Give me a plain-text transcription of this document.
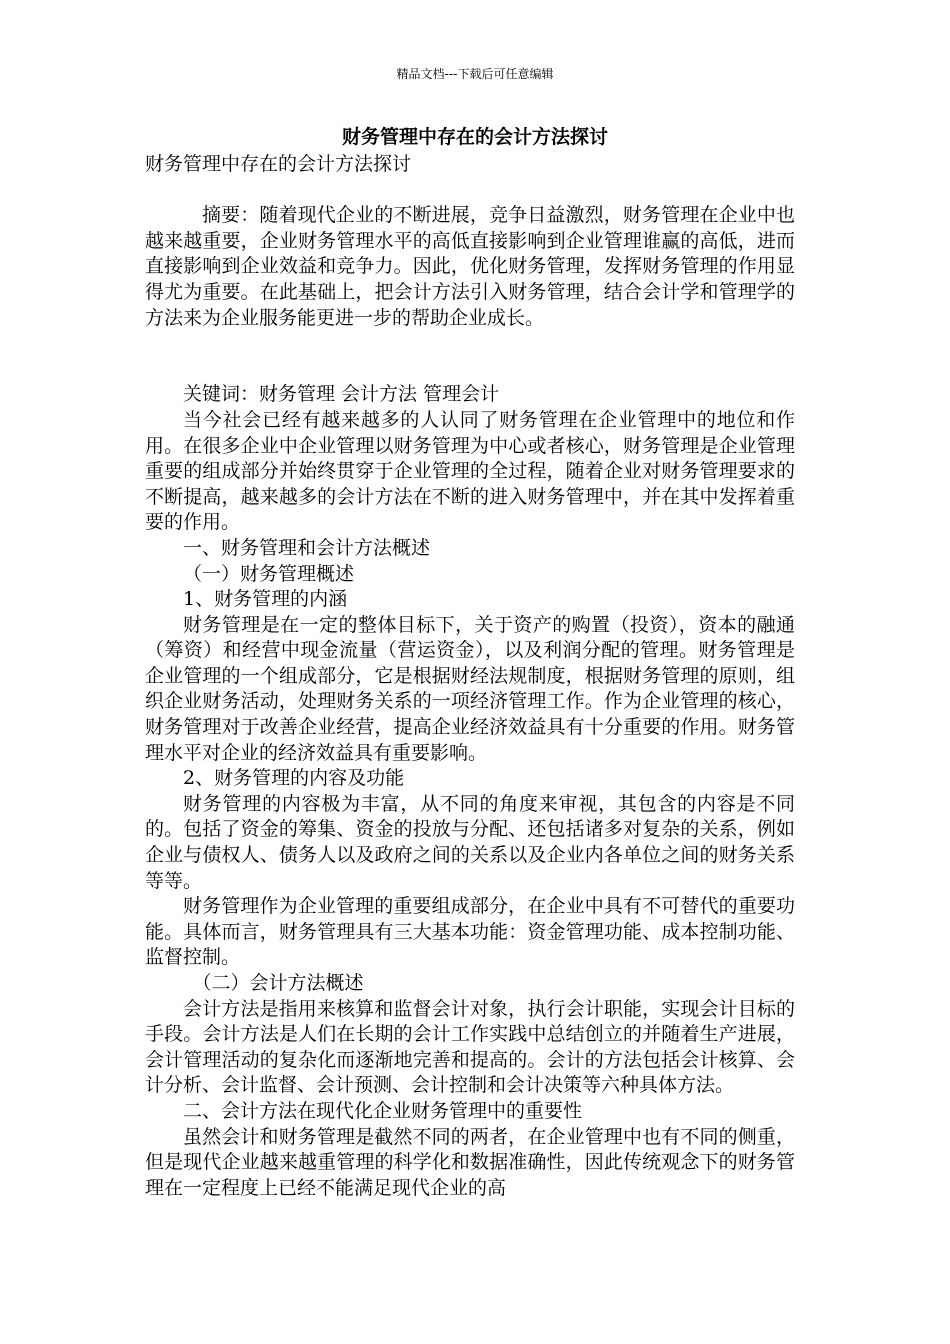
精品文档---下载后可任意编辑
财务管理中存在的会计方法探讨

财务管理中存在的会计方法探讨

摘要：随着现代企业的不断进展，竞争日益激烈，财务管理在企业中也越来越重要，企业财务管理水平的高低直接影响到企业管理谁赢的高低，进而直接影响到企业效益和竞争力。因此，优化财务管理，发挥财务管理的作用显得尤为重要。在此基础上，把会计方法引入财务管理，结合会计学和管理学的方法来为企业服务能更进一步的帮助企业成长。

关键词：财务管理 会计方法 管理会计

当今社会已经有越来越多的人认同了财务管理在企业管理中的地位和作用。在很多企业中企业管理以财务管理为中心或者核心，财务管理是企业管理重要的组成部分并始终贯穿于企业管理的全过程，随着企业对财务管理要求的不断提高，越来越多的会计方法在不断的进入财务管理中，并在其中发挥着重要的作用。

一、财务管理和会计方法概述

（一）财务管理概述

1、财务管理的内涵

财务管理是在一定的整体目标下，关于资产的购置（投资），资本的融通（筹资）和经营中现金流量（营运资金），以及利润分配的管理。财务管理是企业管理的一个组成部分，它是根据财经法规制度，根据财务管理的原则，组织企业财务活动，处理财务关系的一项经济管理工作。作为企业管理的核心，财务管理对于改善企业经营，提高企业经济效益具有十分重要的作用。财务管理水平对企业的经济效益具有重要影响。

2、财务管理的内容及功能

财务管理的内容极为丰富，从不同的角度来审视，其包含的内容是不同的。包括了资金的筹集、资金的投放与分配、还包括诸多对复杂的关系，例如企业与债权人、债务人以及政府之间的关系以及企业内各单位之间的财务关系等等。

财务管理作为企业管理的重要组成部分，在企业中具有不可替代的重要功能。具体而言，财务管理具有三大基本功能：资金管理功能、成本控制功能、监督控制。

（二）会计方法概述

会计方法是指用来核算和监督会计对象，执行会计职能，实现会计目标的手段。会计方法是人们在长期的会计工作实践中总结创立的并随着生产进展，会计管理活动的复杂化而逐渐地完善和提高的。会计的方法包括会计核算、会计分析、会计监督、会计预测、会计控制和会计决策等六种具体方法。

二、会计方法在现代化企业财务管理中的重要性

虽然会计和财务管理是截然不同的两者，在企业管理中也有不同的侧重，但是现代企业越来越重管理的科学化和数据准确性，因此传统观念下的财务管理在一定程度上已经不能满足现代企业的高
